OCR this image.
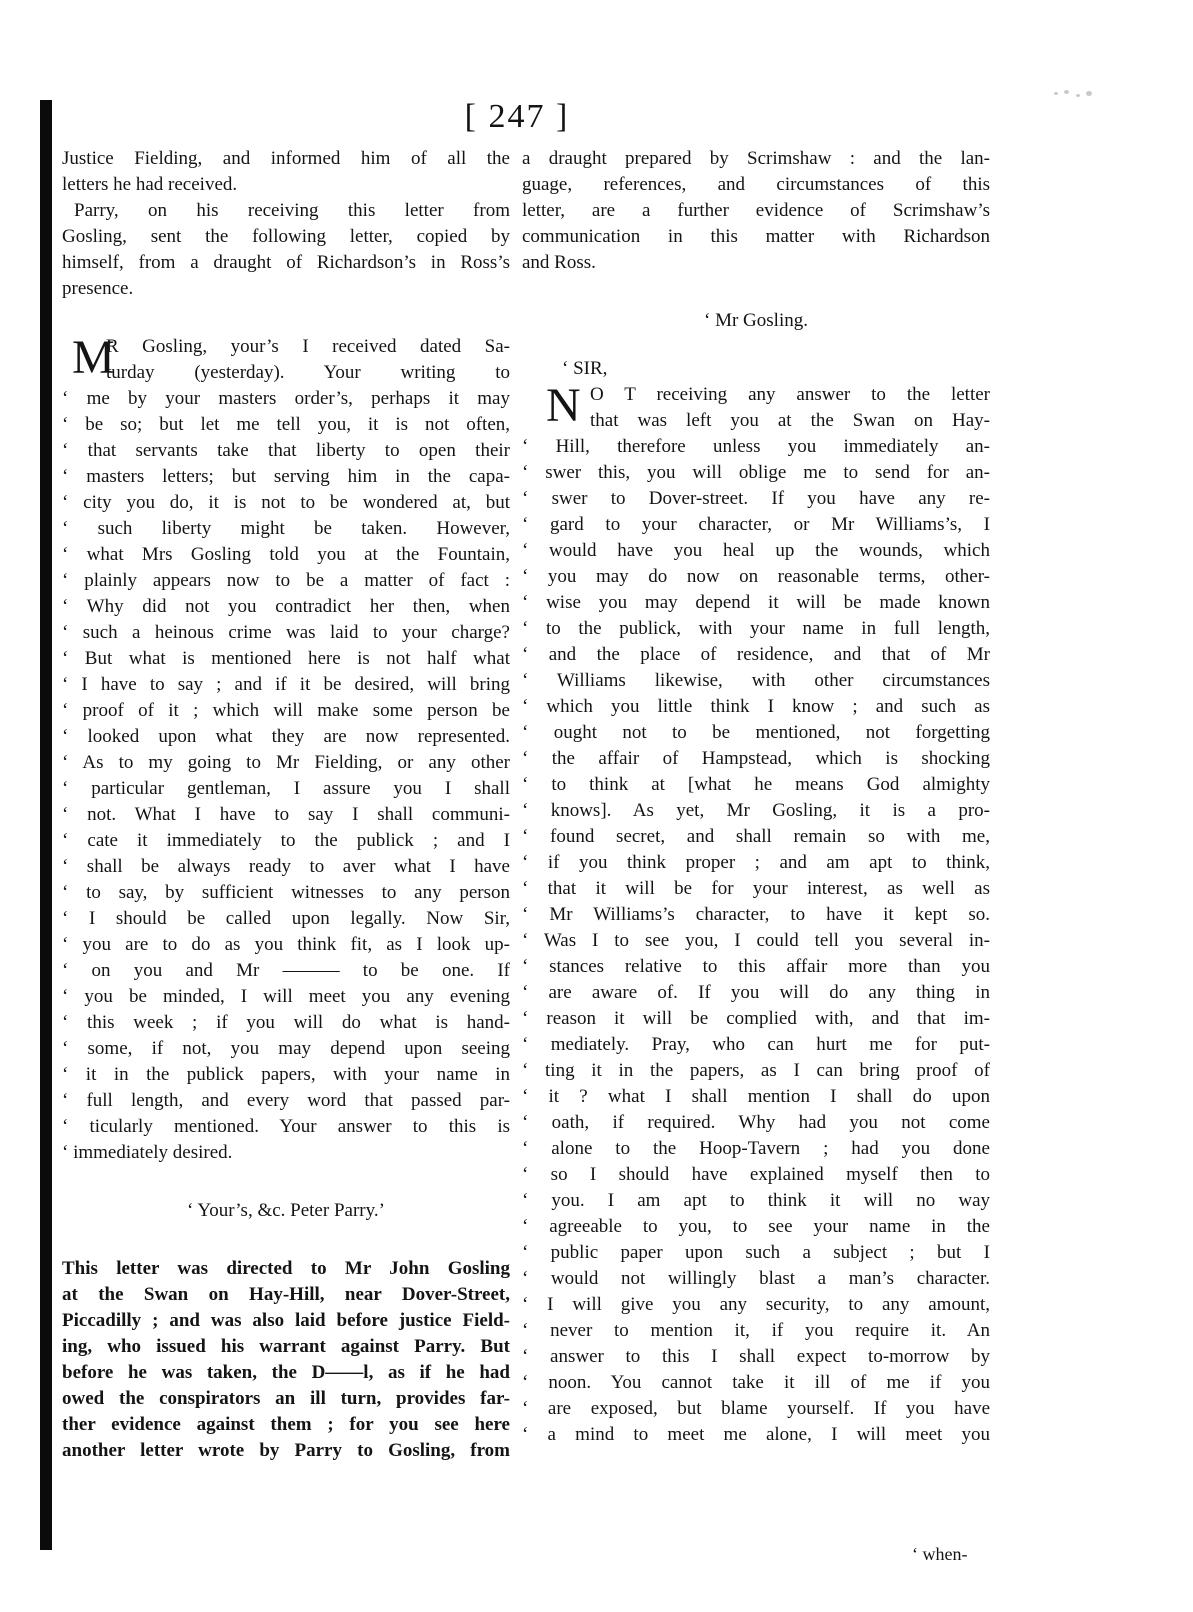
[ 247 ]
Justice Fielding, and informed him of all the
letters he had received.
Parry, on his receiving this letter from
Gosling, sent the following letter, copied by
himself, from a draught of Richardson’s in Ross’s
presence.
M
R Gosling, your’s I received dated Sa-
turday (yesterday). Your writing to
‘ me by your masters order’s, perhaps it may
‘ be so; but let me tell you, it is not often,
‘ that servants take that liberty to open their
‘ masters letters; but serving him in the capa-
‘ city you do, it is not to be wondered at, but
‘ such liberty might be taken. However,
‘ what Mrs Gosling told you at the Fountain,
‘ plainly appears now to be a matter of fact :
‘ Why did not you contradict her then, when
‘ such a heinous crime was laid to your charge?
‘ But what is mentioned here is not half what
‘ I have to say ; and if it be desired, will bring
‘ proof of it ; which will make some person be
‘ looked upon what they are now represented.
‘ As to my going to Mr Fielding, or any other
‘ particular gentleman, I assure you I shall
‘ not. What I have to say I shall communi-
‘ cate it immediately to the publick ; and I
‘ shall be always ready to aver what I have
‘ to say, by sufficient witnesses to any person
‘ I should be called upon legally. Now Sir,
‘ you are to do as you think fit, as I look up-
‘ on you and Mr ——— to be one. If
‘ you be minded, I will meet you any evening
‘ this week ; if you will do what is hand-
‘ some, if not, you may depend upon seeing
‘ it in the publick papers, with your name in
‘ full length, and every word that passed par-
‘ ticularly mentioned. Your answer to this is
‘ immediately desired.
‘ Your’s, &c. Peter Parry.’
This letter was directed to Mr John Gosling
at the Swan on Hay-Hill, near Dover-Street,
Piccadilly ; and was also laid before justice Field-
ing, who issued his warrant against Parry. But
before he was taken, the D——l, as if he had
owed the conspirators an ill turn, provides far-
ther evidence against them ; for you see here
another letter wrote by Parry to Gosling, from
a draught prepared by Scrimshaw : and the lan-
guage, references, and circumstances of this
letter, are a further evidence of Scrimshaw’s
communication in this matter with Richardson
and Ross.
‘ Mr Gosling.
‘ SIR,
N O T receiving any answer to the letter
that was left you at the Swan on Hay-
‘ Hill, therefore unless you immediately an-
‘ swer this, you will oblige me to send for an-
‘ swer to Dover-street. If you have any re-
‘ gard to your character, or Mr Williams’s, I
‘ would have you heal up the wounds, which
‘ you may do now on reasonable terms, other-
‘ wise you may depend it will be made known
‘ to the publick, with your name in full length,
‘ and the place of residence, and that of Mr
‘ Williams likewise, with other circumstances
‘ which you little think I know ; and such as
‘ ought not to be mentioned, not forgetting
‘ the affair of Hampstead, which is shocking
‘ to think at [what he means God almighty
‘ knows]. As yet, Mr Gosling, it is a pro-
‘ found secret, and shall remain so with me,
‘ if you think proper ; and am apt to think,
‘ that it will be for your interest, as well as
‘ Mr Williams’s character, to have it kept so.
‘ Was I to see you, I could tell you several in-
‘ stances relative to this affair more than you
‘ are aware of. If you will do any thing in
‘ reason it will be complied with, and that im-
‘ mediately. Pray, who can hurt me for put-
‘ ting it in the papers, as I can bring proof of
‘ it ? what I shall mention I shall do upon
‘ oath, if required. Why had you not come
‘ alone to the Hoop-Tavern ; had you done
‘ so I should have explained myself then to
‘ you. I am apt to think it will no way
‘ agreeable to you, to see your name in the
‘ public paper upon such a subject ; but I
‘ would not willingly blast a man’s character.
‘ I will give you any security, to any amount,
‘ never to mention it, if you require it. An
‘ answer to this I shall expect to-morrow by
‘ noon. You cannot take it ill of me if you
‘ are exposed, but blame yourself. If you have
‘ a mind to meet me alone, I will meet you
‘ when-
